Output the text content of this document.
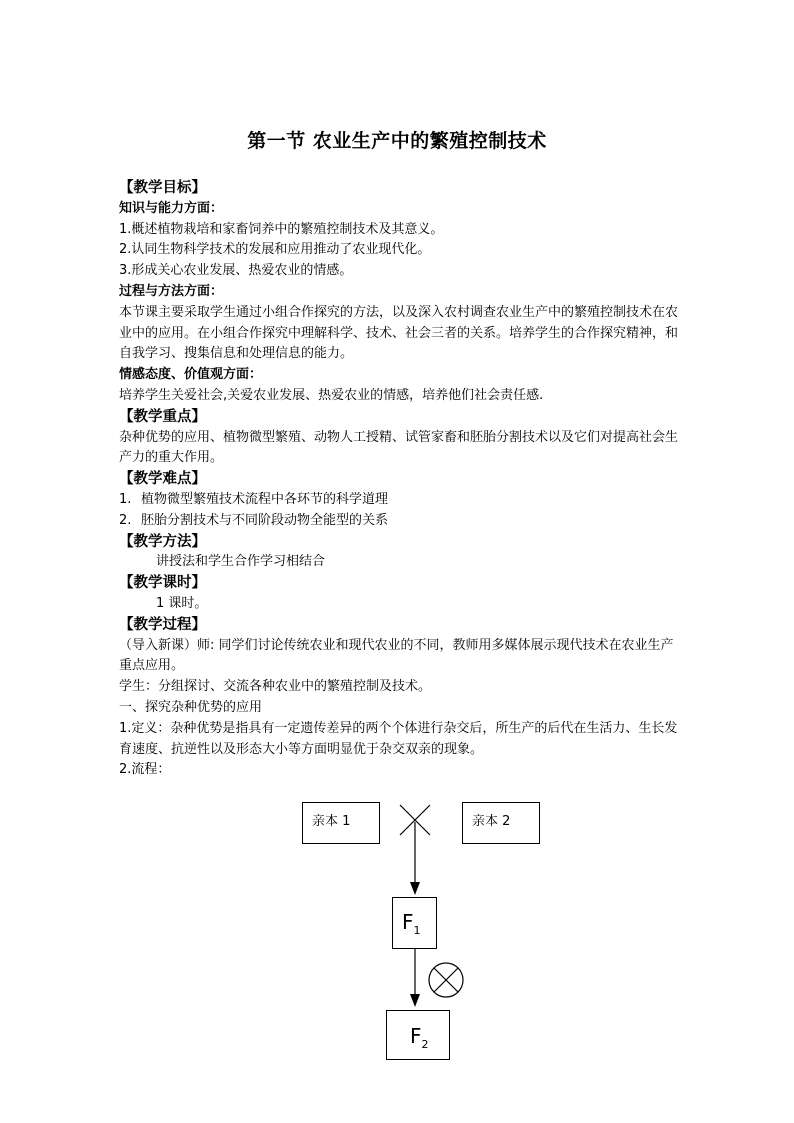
第一节 农业生产中的繁殖控制技术
【教学目标】
知识与能力方面：
1.概述植物栽培和家畜饲养中的繁殖控制技术及其意义。
2.认同生物科学技术的发展和应用推动了农业现代化。
3.形成关心农业发展、热爱农业的情感。
过程与方法方面：
本节课主要采取学生通过小组合作探究的方法，以及深入农村调查农业生产中的繁殖控制技术在农业中的应用。在小组合作探究中理解科学、技术、社会三者的关系。培养学生的合作探究精神，和自我学习、搜集信息和处理信息的能力。
情感态度、价值观方面：
培养学生关爱社会,关爱农业发展、热爱农业的情感，培养他们社会责任感.
【教学重点】
杂种优势的应用、植物微型繁殖、动物人工授精、试管家畜和胚胎分割技术以及它们对提高社会生产力的重大作用。
【教学难点】
1. 植物微型繁殖技术流程中各环节的科学道理
2. 胚胎分割技术与不同阶段动物全能型的关系
【教学方法】
讲授法和学生合作学习相结合
【教学课时】
1 课时。
【教学过程】
（导入新课）师: 同学们讨论传统农业和现代农业的不同，教师用多媒体展示现代技术在农业生产重点应用。
学生：分组探讨、交流各种农业中的繁殖控制及技术。
一、探究杂种优势的应用
1.定义：杂种优势是指具有一定遗传差异的两个个体进行杂交后，所生产的后代在生活力、生长发育速度、抗逆性以及形态大小等方面明显优于杂交双亲的现象。
2.流程：
亲本 1	亲本 2
$F_1$
$F_2$
